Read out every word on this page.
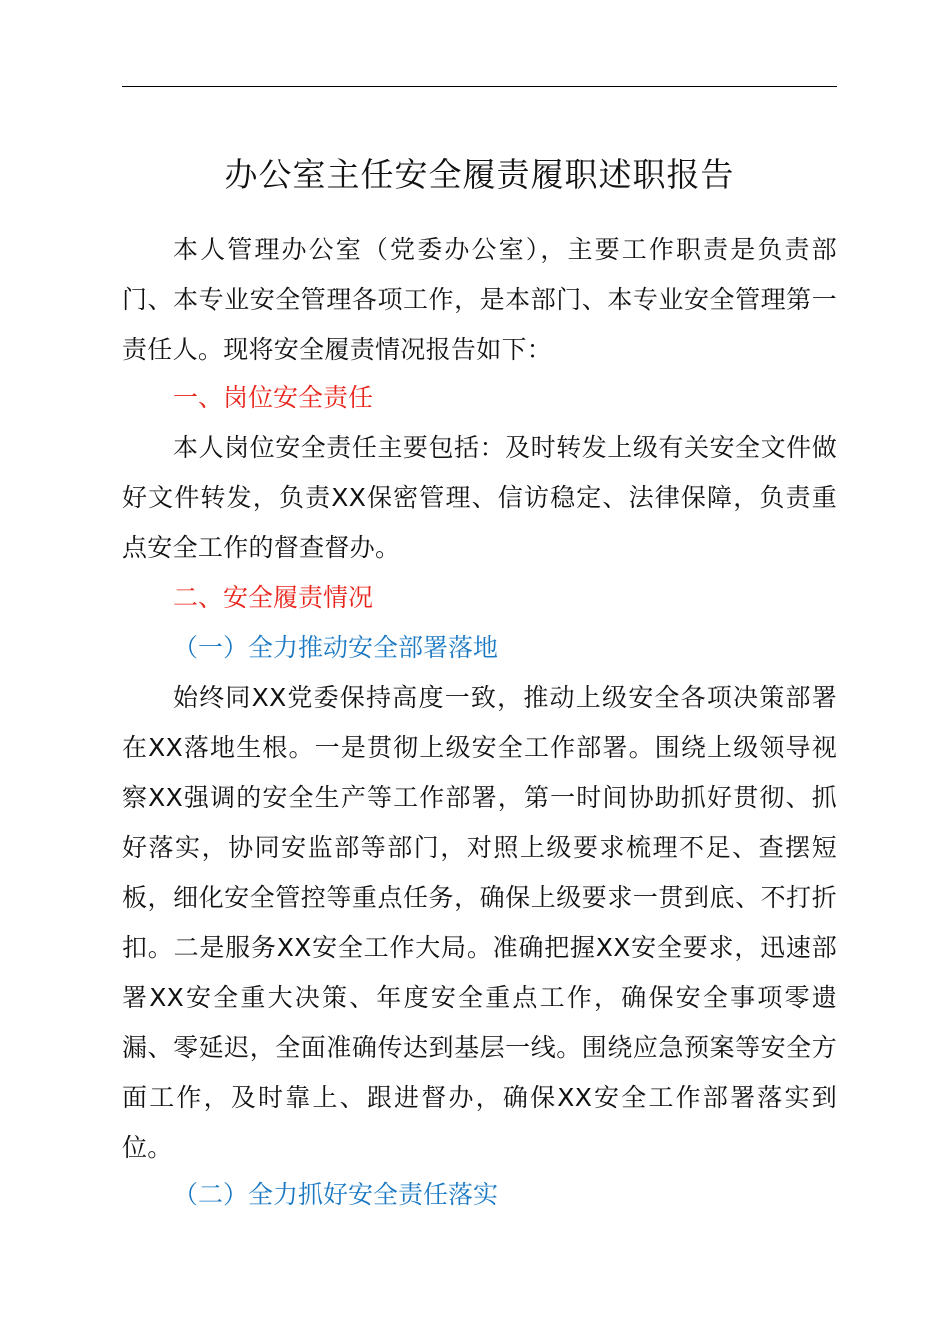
办公室主任安全履责履职述职报告

本人管理办公室（党委办公室），主要工作职责是负责部门、本专业安全管理各项工作，是本部门、本专业安全管理第一责任人。现将安全履责情况报告如下：

一、岗位安全责任

本人岗位安全责任主要包括：及时转发上级有关安全文件做好文件转发，负责XX保密管理、信访稳定、法律保障，负责重点安全工作的督查督办。

二、安全履责情况

（一）全力推动安全部署落地

始终同XX党委保持高度一致，推动上级安全各项决策部署在XX落地生根。一是贯彻上级安全工作部署。围绕上级领导视察XX强调的安全生产等工作部署，第一时间协助抓好贯彻、抓好落实，协同安监部等部门，对照上级要求梳理不足、查摆短板，细化安全管控等重点任务，确保上级要求一贯到底、不打折扣。二是服务XX安全工作大局。准确把握XX安全要求，迅速部署XX安全重大决策、年度安全重点工作，确保安全事项零遗漏、零延迟，全面准确传达到基层一线。围绕应急预案等安全方面工作，及时靠上、跟进督办，确保XX安全工作部署落实到位。

（二）全力抓好安全责任落实
